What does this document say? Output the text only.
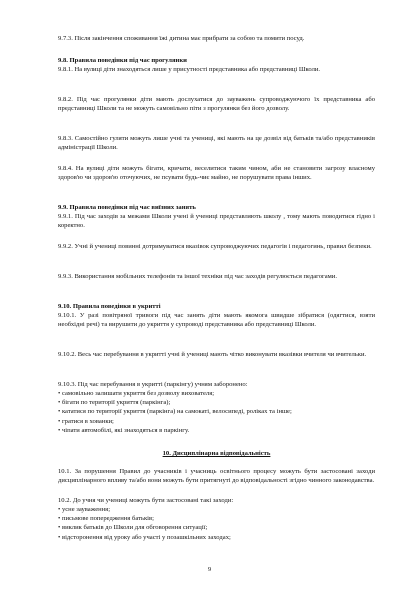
9.7.3. Після закінчення споживання їжі дитина має прибрати за собою та помити посуд.

9.8. Правила поведінки під час прогулянки

9.8.1. На вулиці діти знаходяться лише у присутності представника або представниці Школи.

9.8.2. Під час прогулянки діти мають дослухатися до зауважень супроводжуючого їх представника або представниці Школи та не можуть самовільно піти з прогулянки без його дозволу.

9.8.3. Самостійно гуляти можуть лише учні та учениці, які мають на це дозвіл від батьків та/або представників адміністрації Школи.

9.8.4. На вулиці діти можуть бігати, кричати, веселитися таким чином, аби не становити загрозу власному здоров'ю чи здоров'ю оточуючих, не псувати будь-чиє майно, не порушувати права інших.

9.9. Правила поведінки під час виїзних занять

9.9.1. Під час заходів за межами Школи учені й учениці представляють школу , тому мають поводитися гідно і коректно.

9.9.2. Учні й учениці повинні дотримуватися вказівок супроводжуючих педагогів і педагогинь, правил безпеки.

9.9.3. Використання мобільних телефонів та іншої техніки під час заходів регулюється педагогами.

9.10. Правила поведінки в укритті

9.10.1. У разі повітряної тривоги під час занять діти мають якомога швидше зібратися (одягтися, взяти необхідні речі) та вирушити до укриття у супроводі представника або представниці Школи.

9.10.2. Весь час перебування в укритті учні й учениці мають чітко виконувати вказівки вчителя чи вчительки.

9.10.3. Під час перебування в укритті (паркінгу) учням заборонено:

• самовільно залишати укриття без дозволу вихователя;
• бігати по території укриття (паркінга);
• кататися по території укриття (паркінга) на самокаті, велосипеді, роліках та інше;
• гратися в хованки;
• чіпати автомобілі, які знаходяться в паркінгу.

10. Дисциплінарна відповідальність

10.1. За порушення Правил до учасників і учасниць освітнього процесу можуть бути застосовані заходи дисциплінарного впливу та/або вони можуть бути притягнуті до відповідальності згідно чинного законодавства.

10.2. До учня чи учениці можуть бути застосовані такі заходи:

• усне зауваження;
• письмове попередження батьків;
• виклик батьків до Школи для обговорення ситуації;
• відсторонення від уроку або участі у позашкільних заходах;
9
